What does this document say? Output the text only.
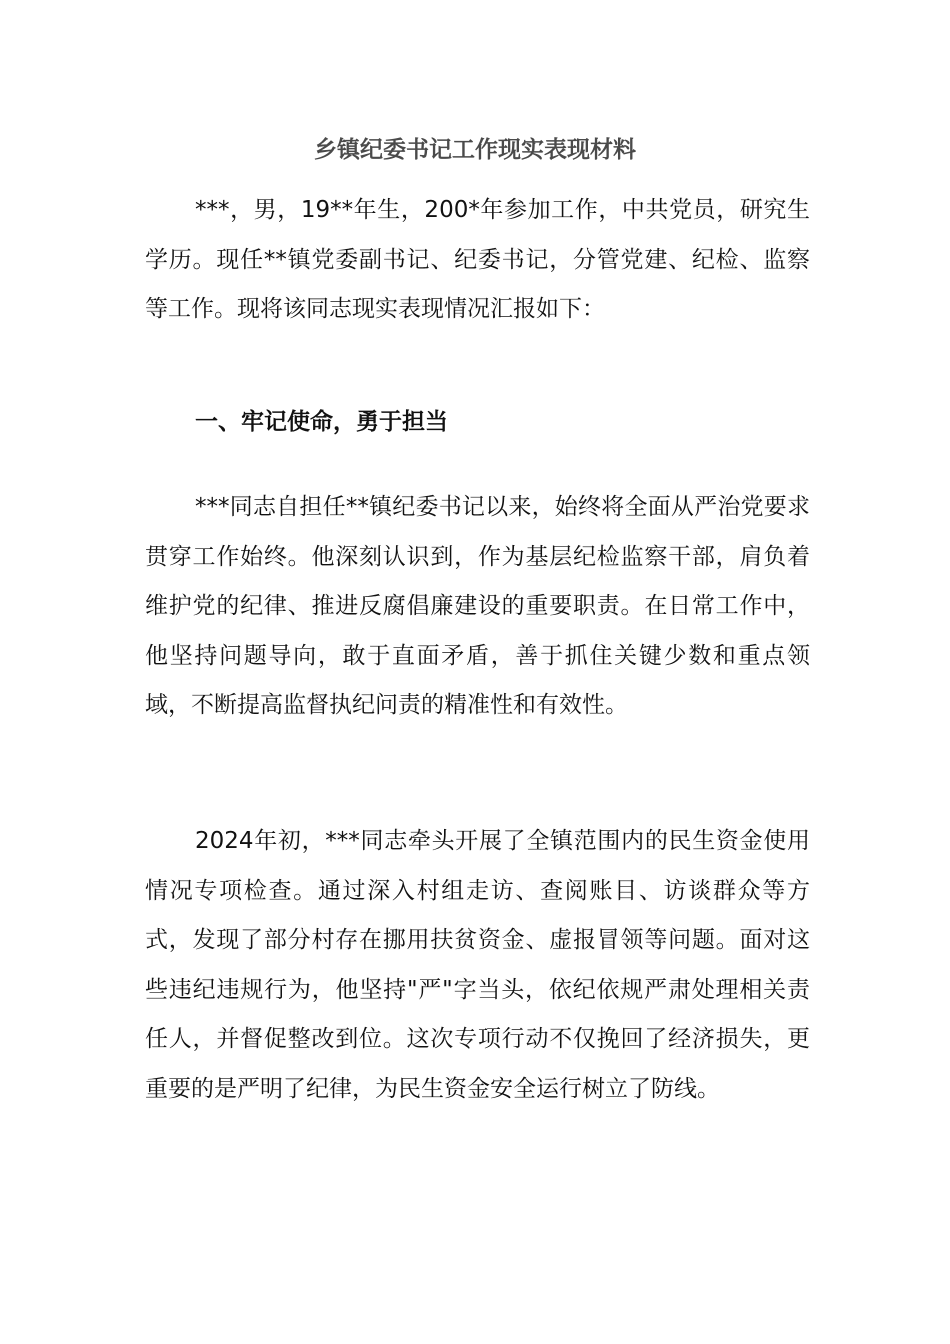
乡镇纪委书记工作现实表现材料

***，男，19**年生，200*年参加工作，中共党员，研究生学历。现任**镇党委副书记、纪委书记，分管党建、纪检、监察等工作。现将该同志现实表现情况汇报如下：

一、牢记使命，勇于担当

***同志自担任**镇纪委书记以来，始终将全面从严治党要求贯穿工作始终。他深刻认识到，作为基层纪检监察干部，肩负着维护党的纪律、推进反腐倡廉建设的重要职责。在日常工作中，他坚持问题导向，敢于直面矛盾，善于抓住关键少数和重点领域，不断提高监督执纪问责的精准性和有效性。

2024年初，***同志牵头开展了全镇范围内的民生资金使用情况专项检查。通过深入村组走访、查阅账目、访谈群众等方式，发现了部分村存在挪用扶贫资金、虚报冒领等问题。面对这些违纪违规行为，他坚持"严"字当头，依纪依规严肃处理相关责任人，并督促整改到位。这次专项行动不仅挽回了经济损失，更重要的是严明了纪律，为民生资金安全运行树立了防线。
